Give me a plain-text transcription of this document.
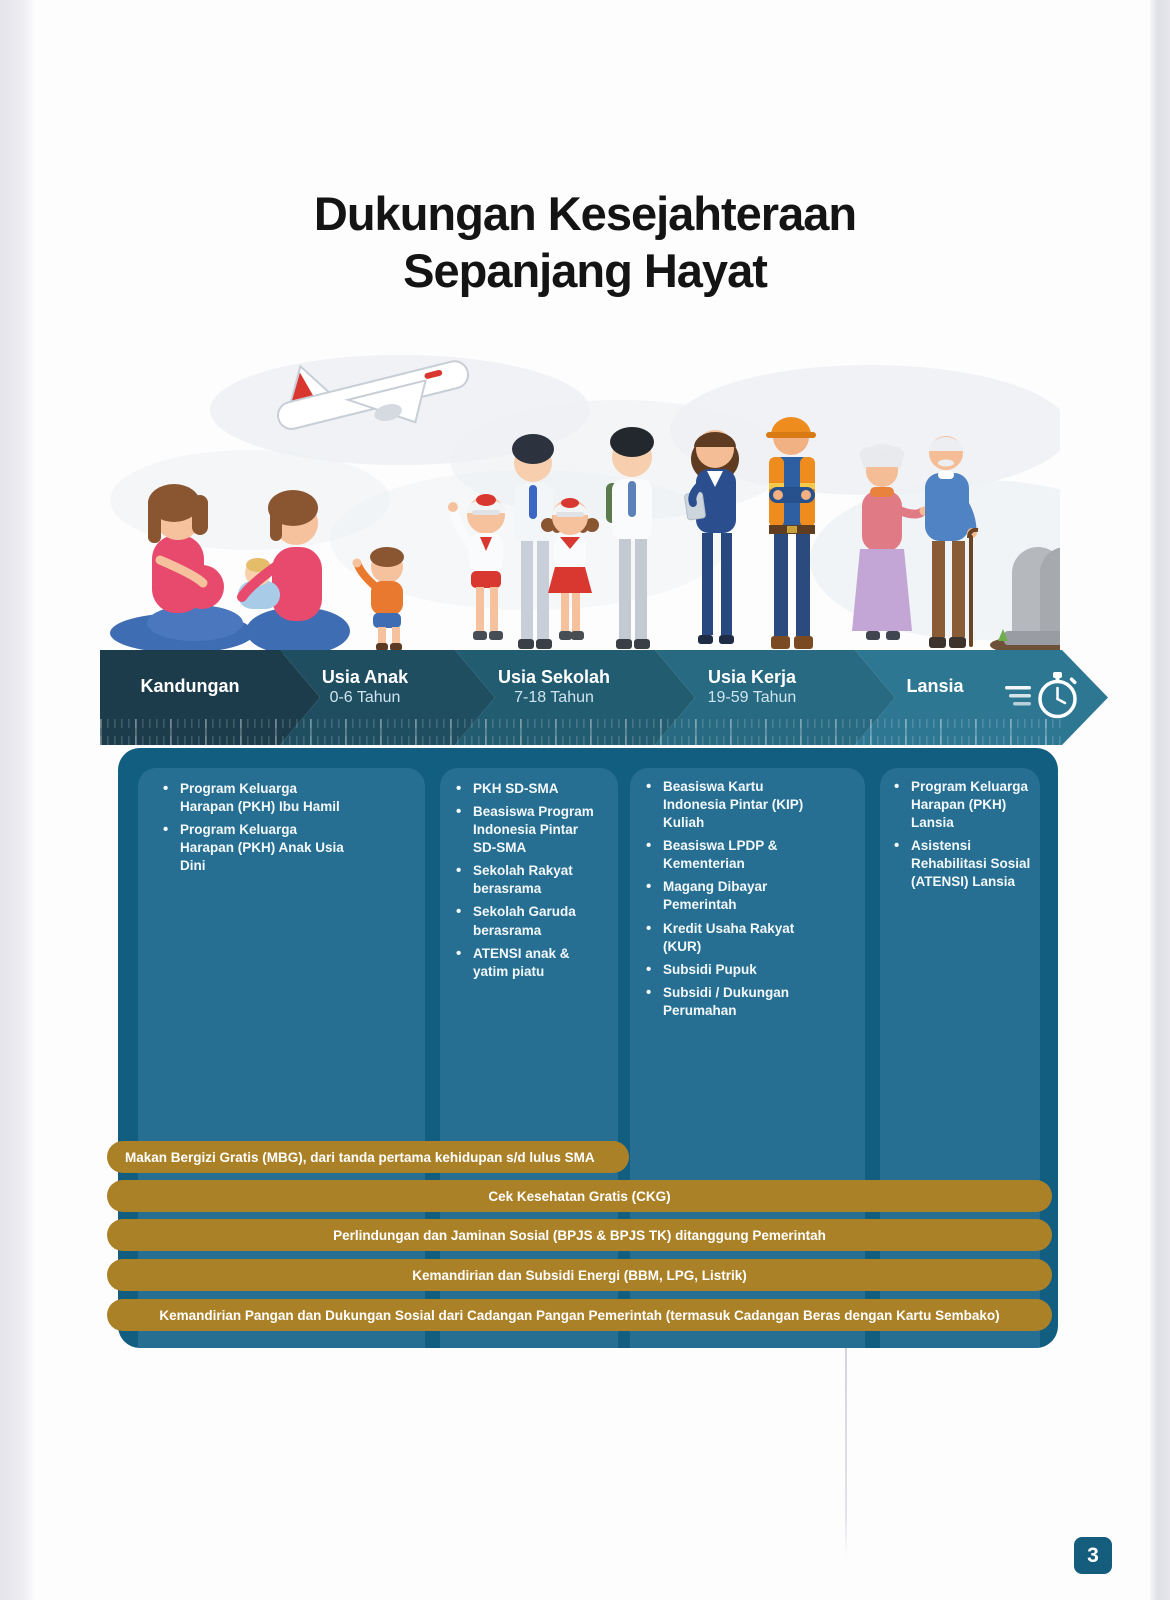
Dukungan Kesejahteraan
Sepanjang Hayat
Kandungan	Usia Anak
0-6 Tahun
Usia Sekolah
7-18 Tahun
Usia Kerja
19-59 Tahun
Lansia
• Program Keluarga Harapan (PKH) Ibu Hamil
• Program Keluarga Harapan (PKH) Anak Usia Dini
• PKH SD-SMA
• Beasiswa Program Indonesia Pintar SD-SMA
• Sekolah Rakyat berasrama
• Sekolah Garuda berasrama
• ATENSI anak & yatim piatu
• Beasiswa Kartu Indonesia Pintar (KIP) Kuliah
• Beasiswa LPDP & Kementerian
• Magang Dibayar Pemerintah
• Kredit Usaha Rakyat (KUR)
• Subsidi Pupuk
• Subsidi / Dukungan Perumahan
• Program Keluarga Harapan (PKH) Lansia
• Asistensi Rehabilitasi Sosial (ATENSI) Lansia
Makan Bergizi Gratis (MBG), dari tanda pertama kehidupan s/d lulus SMA
Cek Kesehatan Gratis (CKG)
Perlindungan dan Jaminan Sosial (BPJS & BPJS TK) ditanggung Pemerintah
Kemandirian dan Subsidi Energi (BBM, LPG, Listrik)
Kemandirian Pangan dan Dukungan Sosial dari Cadangan Pangan Pemerintah (termasuk Cadangan Beras dengan Kartu Sembako)
3
